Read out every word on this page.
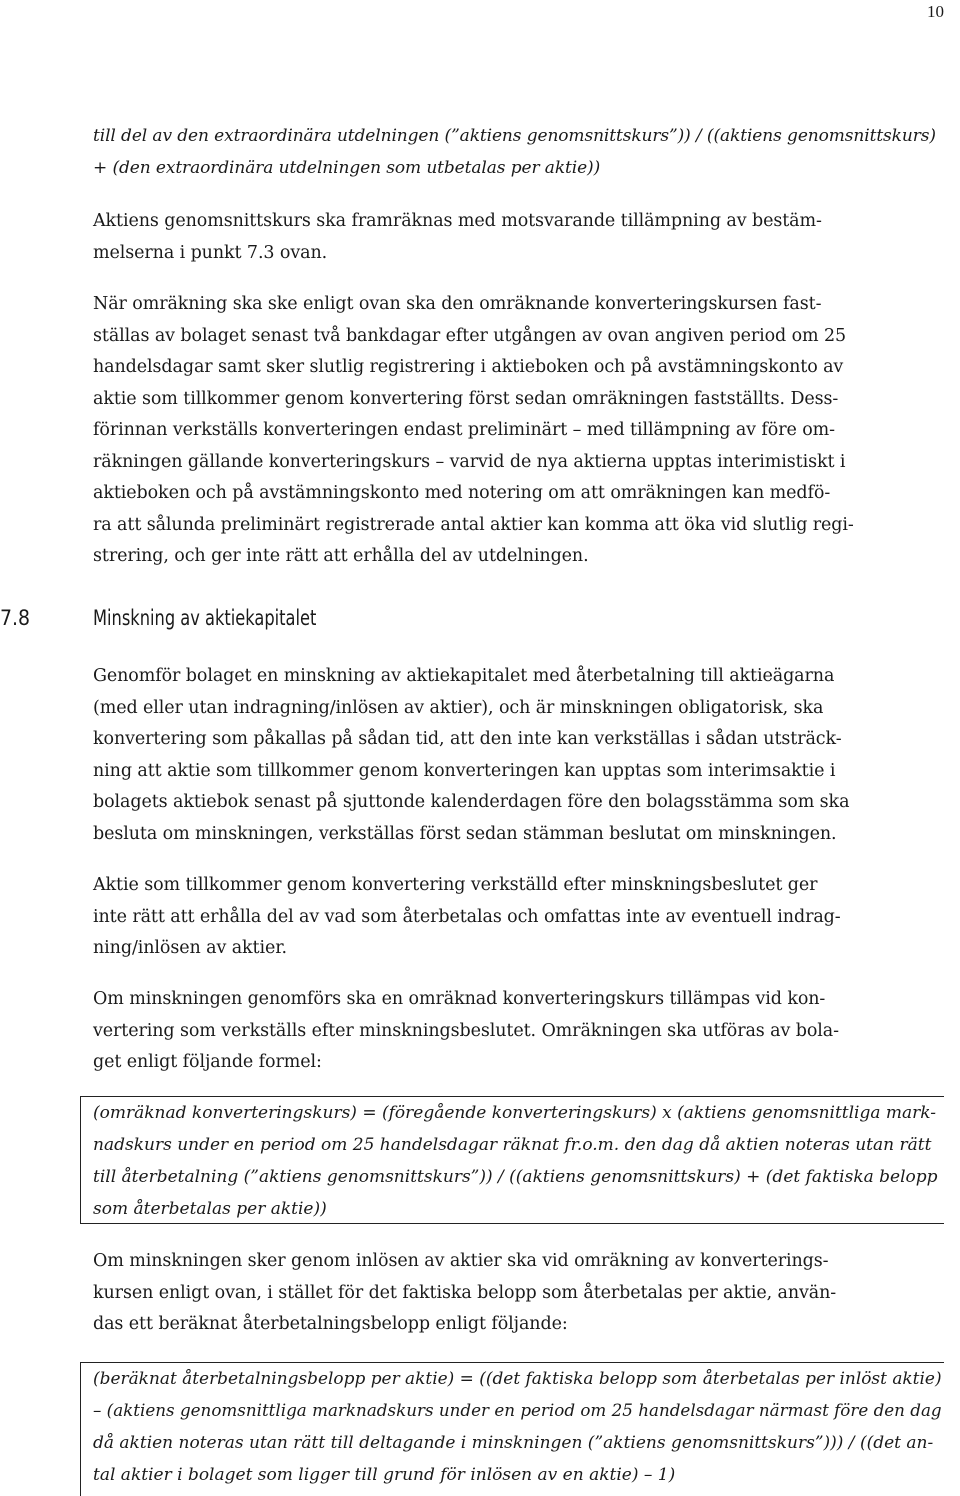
10
till del av den extraordinära utdelningen (”aktiens genomsnittskurs”)) / ((aktiens genomsnittskurs)
+ (den extraordinära utdelningen som utbetalas per aktie))
Aktiens genomsnittskurs ska framräknas med motsvarande tillämpning av bestäm-
melserna i punkt 7.3 ovan.
När omräkning ska ske enligt ovan ska den omräknande konverteringskursen fast-
ställas av bolaget senast två bankdagar efter utgången av ovan angiven period om 25
handelsdagar samt sker slutlig registrering i aktieboken och på avstämningskonto av
aktie som tillkommer genom konvertering först sedan omräkningen fastställts. Dess-
förinnan verkställs konverteringen endast preliminärt – med tillämpning av före om-
räkningen gällande konverteringskurs – varvid de nya aktierna upptas interimistiskt i
aktieboken och på avstämningskonto med notering om att omräkningen kan medfö-
ra att sålunda preliminärt registrerade antal aktier kan komma att öka vid slutlig regi-
strering, och ger inte rätt att erhålla del av utdelningen.
7.8	Minskning av aktiekapitalet
Genomför bolaget en minskning av aktiekapitalet med återbetalning till aktieägarna
(med eller utan indragning/inlösen av aktier), och är minskningen obligatorisk, ska
konvertering som påkallas på sådan tid, att den inte kan verkställas i sådan utsträck-
ning att aktie som tillkommer genom konverteringen kan upptas som interimsaktie i
bolagets aktiebok senast på sjuttonde kalenderdagen före den bolagsstämma som ska
besluta om minskningen, verkställas först sedan stämman beslutat om minskningen.
Aktie som tillkommer genom konvertering verkställd efter minskningsbeslutet ger
inte rätt att erhålla del av vad som återbetalas och omfattas inte av eventuell indrag-
ning/inlösen av aktier.
Om minskningen genomförs ska en omräknad konverteringskurs tillämpas vid kon-
vertering som verkställs efter minskningsbeslutet. Omräkningen ska utföras av bola-
get enligt följande formel:
(omräknad konverteringskurs) = (föregående konverteringskurs) x (aktiens genomsnittliga mark-
nadskurs under en period om 25 handelsdagar räknat fr.o.m. den dag då aktien noteras utan rätt
till återbetalning (”aktiens genomsnittskurs”)) / ((aktiens genomsnittskurs) + (det faktiska belopp
som återbetalas per aktie))
Om minskningen sker genom inlösen av aktier ska vid omräkning av konverterings-
kursen enligt ovan, i stället för det faktiska belopp som återbetalas per aktie, använ-
das ett beräknat återbetalningsbelopp enligt följande:
(beräknat återbetalningsbelopp per aktie) = ((det faktiska belopp som återbetalas per inlöst aktie)
– (aktiens genomsnittliga marknadskurs under en period om 25 handelsdagar närmast före den dag
då aktien noteras utan rätt till deltagande i minskningen (”aktiens genomsnittskurs”))) / ((det an-
tal aktier i bolaget som ligger till grund för inlösen av en aktie) – 1)
